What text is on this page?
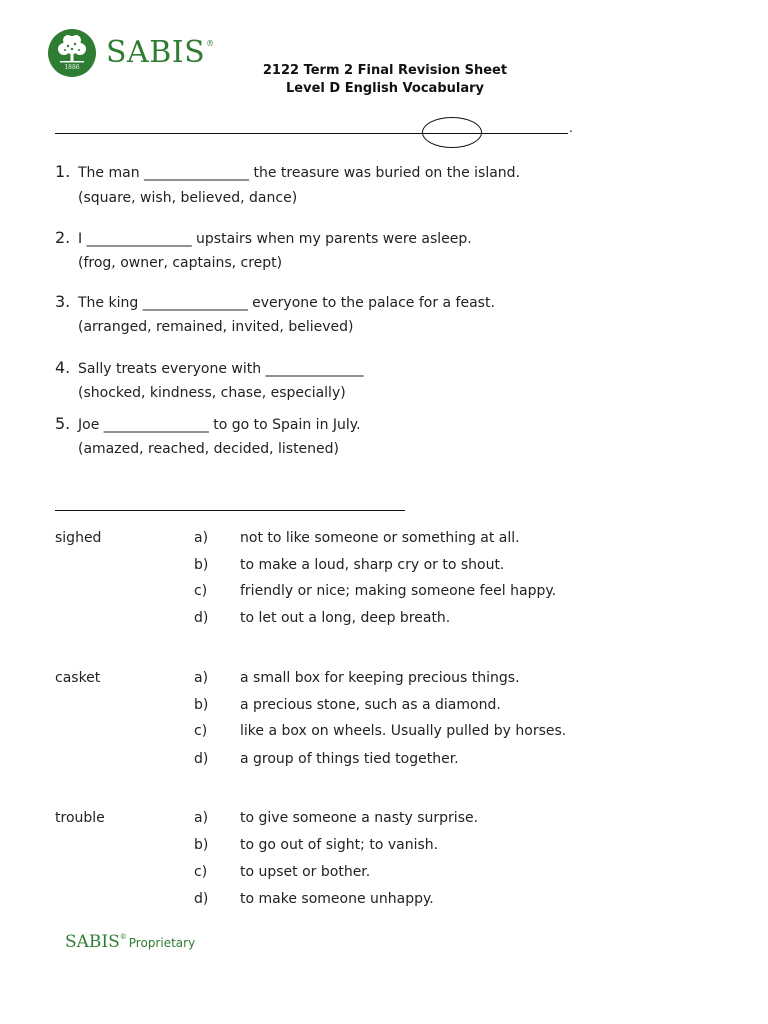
1886 SABIS®
2122 Term 2 Final Revision Sheet
Level D English Vocabulary
.
1. The man _______________ the treasure was buried on the island.
(square, wish, believed, dance)
2. I _______________ upstairs when my parents were asleep.
(frog, owner, captains, crept)
3. The king _______________ everyone to the palace for a feast.
(arranged, remained, invited, believed)
4. Sally treats everyone with ______________
(shocked, kindness, chase, especially)
5. Joe _______________ to go to Spain in July.
(amazed, reached, decided, listened)
sighed	a) not to like someone or something at all.
b) to make a loud, sharp cry or to shout.
c) friendly or nice; making someone feel happy.
d) to let out a long, deep breath.
casket	a) a small box for keeping precious things.
b) a precious stone, such as a diamond.
c) like a box on wheels. Usually pulled by horses.
d) a group of things tied together.
trouble	a) to give someone a nasty surprise.
b) to go out of sight; to vanish.
c) to upset or bother.
d) to make someone unhappy.
SABIS® Proprietary
